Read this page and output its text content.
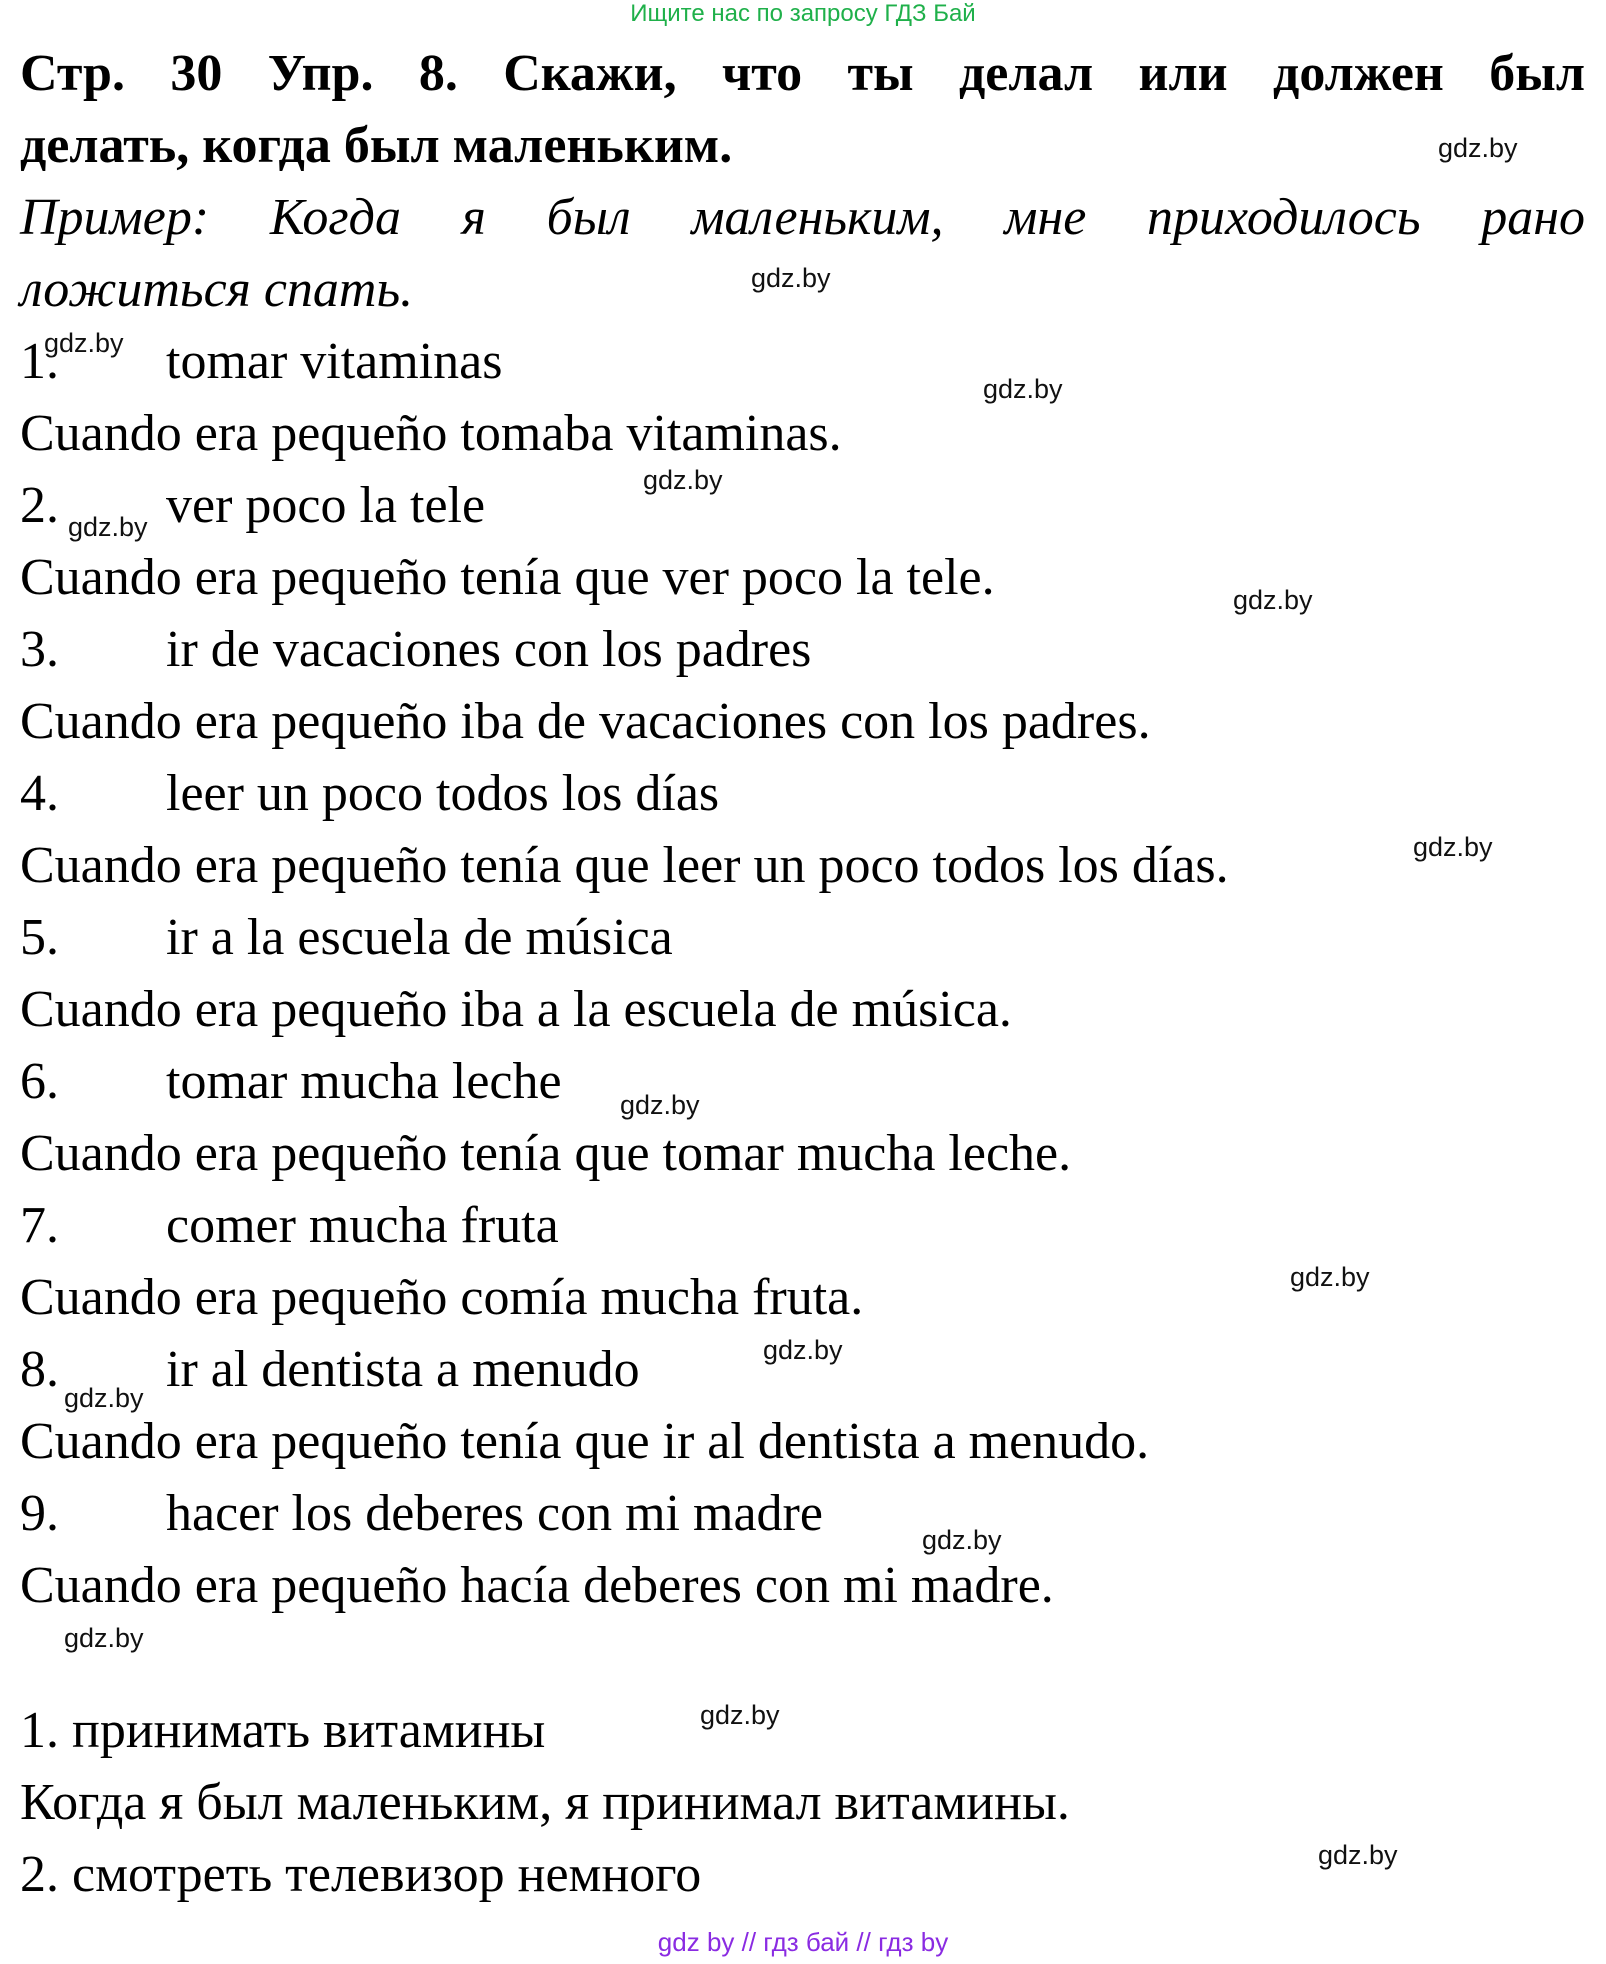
Ищите нас по запросу ГДЗ Бай
Стр. 30 Упр. 8. Скажи, что ты делал или должен был
делать, когда был маленьким.
Пример: Когда я был маленьким, мне приходилось рано
ложиться спать.
1. tomar vitaminas
Cuando era pequeño tomaba vitaminas.
2. ver poco la tele
Cuando era pequeño tenía que ver poco la tele.
3. ir de vacaciones con los padres
Cuando era pequeño iba de vacaciones con los padres.
4. leer un poco todos los días
Cuando era pequeño tenía que leer un poco todos los días.
5. ir a la escuela de música
Cuando era pequeño iba a la escuela de música.
6. tomar mucha leche
Cuando era pequeño tenía que tomar mucha leche.
7. comer mucha fruta
Cuando era pequeño comía mucha fruta.
8. ir al dentista a menudo
Cuando era pequeño tenía que ir al dentista a menudo.
9. hacer los deberes con mi madre
Cuando era pequeño hacía deberes con mi madre.
1. принимать витамины
Когда я был маленьким, я принимал витамины.
2. смотреть телевизор немного
gdz.by
gdz.by
gdz.by
gdz.by
gdz.by
gdz.by
gdz.by
gdz.by
gdz.by
gdz.by
gdz.by
gdz.by
gdz.by
gdz.by
gdz.by
gdz.by
gdz by // гдз бай // гдз by
